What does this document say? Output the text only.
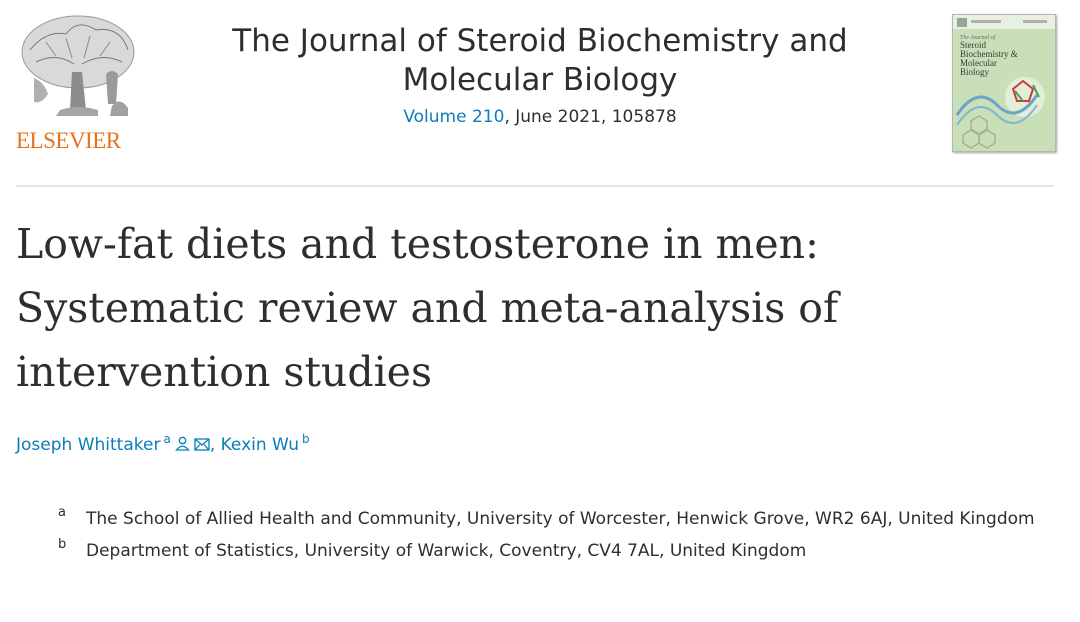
ELSEVIER
The Journal of Steroid Biochemistry and
Molecular Biology
Volume 210, June 2021, 105878
The Journal of
Steroid
Biochemistry &
Molecular
Biology
Low-fat diets and testosterone in men:
Systematic review and meta-analysis of
intervention studies
Joseph Whittaker $^a$ , Kexin Wu $^b$
a The School of Allied Health and Community, University of Worcester, Henwick Grove, WR2 6AJ, United Kingdom
b Department of Statistics, University of Warwick, Coventry, CV4 7AL, United Kingdom
